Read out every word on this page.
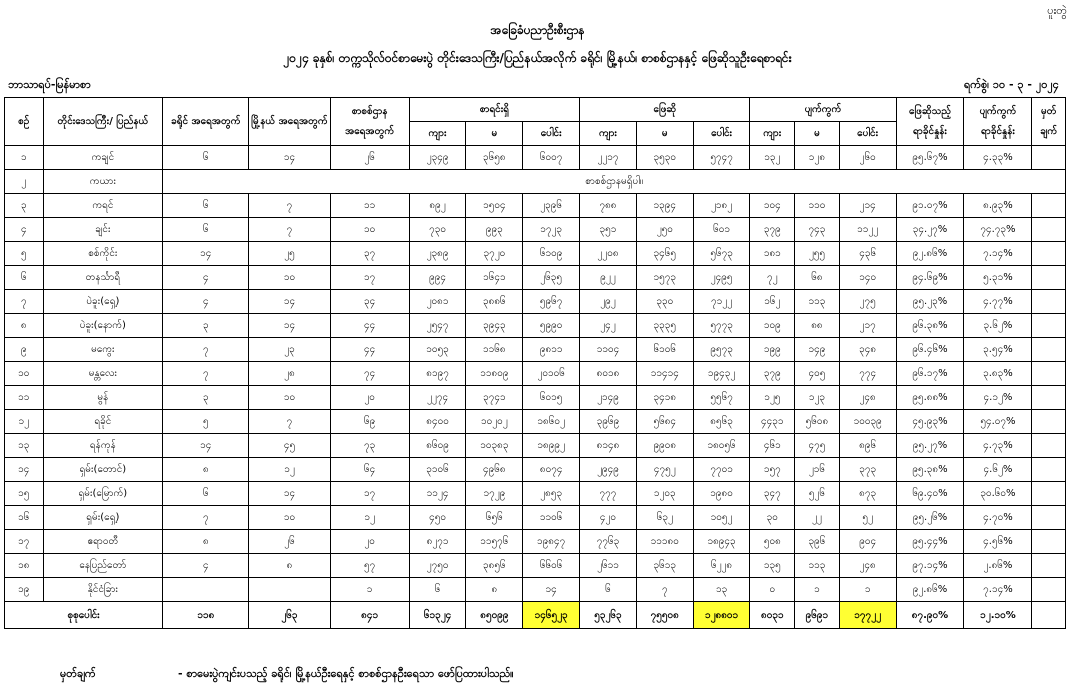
ပူးတွဲ
အခြေခံပညာဦးစီးဌာန
၂၀၂၄ ခုနှစ်၊ တက္ကသိုလ်ဝင်စာမေးပွဲ တိုင်းဒေသကြီး/ပြည်နယ်အလိုက် ခရိုင်၊ မြို့နယ်၊ စာစစ်ဌာနနှင့် ဖြေဆိုသူဦးရေစာရင်း
ဘာသာရပ်-မြန်မာစာ	ရက်စွဲ၊ ၁၀ - ၃ - ၂၀၂၄
စဉ်	တိုင်းဒေသကြီး/ ပြည်နယ်	ခရိုင် အရေအတွက်	မြို့နယ် အရေအတွက်	စာစစ်ဌာန အရေအတွက်	စာရင်းရှိ			ဖြေဆို			ပျက်ကွက်			ဖြေဆိုသည့် ရာခိုင်နှုန်း	ပျက်ကွက် ရာခိုင်နှုန်း	မှတ် ချက်
					ကျား	မ	ပေါင်း	ကျား	မ	ပေါင်း	ကျား	မ	ပေါင်း			
၁	ကချင်	၆	၁၄	၂၆	၂၃၄၉	၃၆၅၈	၆၀၀၇	၂၂၁၇	၃၅၃၀	၅၇၄၇	၁၃၂	၁၂၈	၂၆၀	၉၅.၆၇%	၄.၃၃%	
၂	ကယား	စာစစ်ဌာနမရှိပါ။														
၃	ကရင်	၆	၇	၁၁	၈၉၂	၁၅၀၄	၂၃၉၆	၇၈၈	၁၃၉၄	၂၁၈၂	၁၀၄	၁၁၀	၂၁၄	၉၁.၀၇%	၈.၉၃%	
၄	ချင်း	၆	၇	၁၀	၇၃၀	၉၉၃	၁၇၂၃	၃၅၁	၂၅၀	၆၀၁	၃၇၉	၇၄၃	၁၁၂၂	၃၄.၂၇%	၇၄.၇၃%	
၅	စစ်ကိုင်း	၁၄	၂၅	၃၇	၂၃၈၉	၃၇၂၀	၆၁၀၉	၂၂၀၈	၃၄၆၅	၅၆၇၃	၁၈၁	၂၅၅	၄၃၆	၉၂.၈၆%	၇.၁၄%	
၆	တနင်္သာရီ	၄	၁၀	၁၇	၉၉၄	၁၆၄၁	၂၆၃၅	၉၂၂	၁၅၇၃	၂၄၉၅	၇၂	၆၈	၁၄၀	၉၄.၆၉%	၅.၃၁%	
၇	ပဲခူး(ရှေ့)	၄	၁၄	၃၄	၂၀၈၁	၃၈၈၆	၅၉၆၇	၂၉၂	၃၃၀	၇၁၂၂	၁၆၂	၁၁၃	၂၇၅	၉၅.၂၃%	၄.၇၇%	
၈	ပဲခူး(နောက်)	၃	၁၄	၄၄	၂၅၄၇	၃၉၄၃	၅၉၉၀	၂၄၂	၃၃၃၅	၅၇၇၃	၁၀၉	၈၈	၂၁၇	၉၆.၃၈%	၃.၆၂%	
၉	မကွေး	၇	၂၃	၄၄	၁၀၅၃	၁၁၆၈	၉၈၁၁	၁၁၀၄	၆၁၀၆	၉၅၇၃	၁၉၉	၁၄၉	၃၄၈	၉၆.၄၆%	၃.၅၄%	
၁၀	မန္တလေး	၇	၂၈	၇၄	၈၁၉၇	၁၁၈၀၉	၂၀၁၀၆	၈၀၁၈	၁၁၄၁၄	၁၉၄၃၂	၃၇၉	၄၀၅	၇၇၄	၉၆.၁၇%	၃.၈၃%	
၁၁	မွန်	၃	၁၀	၂၀	၂၂၇၄	၃၇၄၁	၆၀၁၅	၂၁၄၉	၃၄၁၈	၅၅၆၇	၁၂၅	၁၂၃	၂၄၈	၉၅.၈၈%	၄.၁၂%	
၁၂	ရခိုင်	၅	၇	၆၉	၈၄၀၀	၁၀၂၀၂	၁၈၆၀၂	၃၉၆၉	၅၆၈၄	၈၅၆၃	၄၄၃၁	၅၆၀၈	၁၀၀၃၉	၄၅.၉၃%	၅၄.၀၇%	
၁၃	ရန်ကုန်	၁၄	၄၅	၇၃	၈၆၀၉	၁၀၃၈၃	၁၈၉၉၂	၈၁၄၈	၉၉၀၈	၁၈၀၅၆	၄၆၁	၄၇၅	၈၉၆	၉၅.၂၇%	၄.၇၃%	
၁၄	ရှမ်း(တောင်)	၈	၁၂	၆၄	၃၁၀၆	၄၉၆၈	၈၀၇၄	၂၉၄၉	၄၇၅၂	၇၇၀၁	၁၅၇	၂၁၆	၃၇၃	၉၅.၃၈%	၄.၆၂%	
၁၅	ရှမ်း(မြောက်)	၆	၁၄	၁၇	၁၁၂၄	၁၇၂၉	၂၈၅၃	၇၇၇	၁၂၀၃	၁၉၈၀	၃၄၇	၅၂၆	၈၇၃	၆၉.၄၀%	၃၀.၆၀%	
၁၆	ရှမ်း(ရှေ့)	၇	၁၀	၁၂	၄၅၀	၆၅၆	၁၁၀၆	၄၂၀	၆၃၂	၁၀၅၂	၃၀	၂၂	၅၂	၉၅.၂၆%	၄.၇၀%	
၁၇	ဧရာဝတီ	၈	၂၆	၂၀	၈၂၇၁	၁၁၅၇၆	၁၉၈၄၇	၇၇၆၃	၁၁၁၈၀	၁၈၉၄၃	၅၀၈	၃၉၆	၉၀၄	၉၅.၄၄%	၄.၅၆%	
၁၈	နေပြည်တော်	၄	၈	၅၇	၂၇၅၀	၃၈၅၆	၆၆၀၆	၂၆၁၁	၃၆၁၃	၆၂၂၈	၁၃၅	၁၁၃	၂၄၈	၉၇.၁၄%	၂.၈၆%	
၁၉	နိုင်ငံခြား			၁	၆	၈	၁၄	၆	၇	၁၃	၀	၁	၁	၉၂.၈၆%	၇.၁၄%	
စုစုပေါင်း		၁၁၈	၂၆၃	၈၄၁	၆၁၃၂၄	၈၅၀၉၉	၁၄၆၅၂၃	၅၃၂၆၃	၇၅၅၀၈	၁၂၈၈၀၁	၈၀၃၁	၉၆၉၁	၁၇၇၂၂	၈၇.၉၀%	၁၂.၁၀%	
မှတ်ချက်	- စာမေးပွဲကျင်းပသည့် ခရိုင်၊ မြို့နယ်ဦးရေနှင့် စာစစ်ဌာနဦးရေသာ ဖော်ပြထားပါသည်။
